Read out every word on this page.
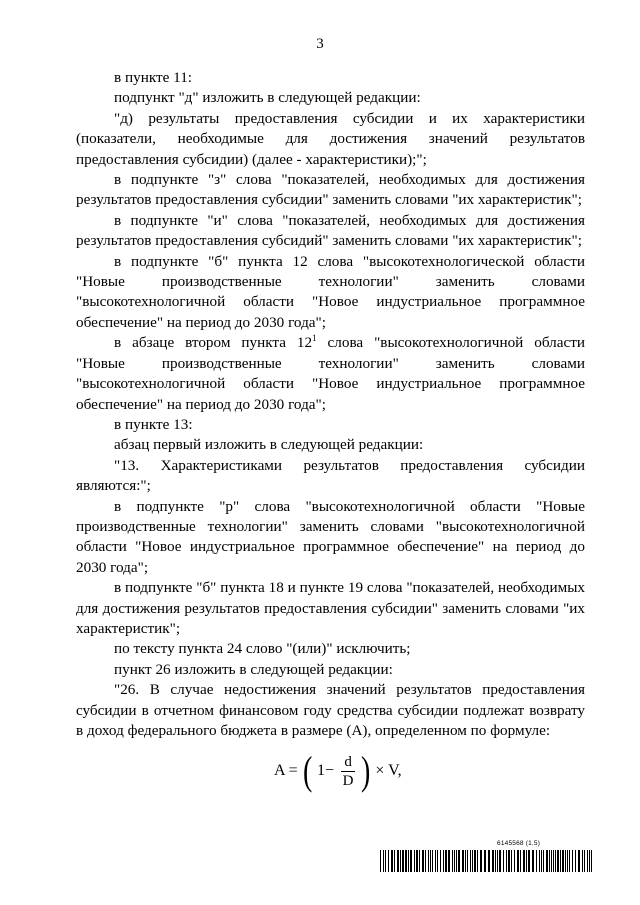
3

в пункте 11:

подпункт "д" изложить в следующей редакции:

"д) результаты предоставления субсидии и их характеристики (показатели, необходимые для достижения значений результатов предоставления субсидии) (далее - характеристики);";

в подпункте "з" слова "показателей, необходимых для достижения результатов предоставления субсидии" заменить словами "их характеристик";

в подпункте "и" слова "показателей, необходимых для достижения результатов предоставления субсидий" заменить словами "их характеристик";

в подпункте "б" пункта 12 слова "высокотехнологической области "Новые производственные технологии" заменить словами "высокотехнологичной области "Новое индустриальное программное обеспечение" на период до 2030 года";

в абзаце втором пункта $12^1$ слова "высокотехнологичной области "Новые производственные технологии" заменить словами "высокотехнологичной области "Новое индустриальное программное обеспечение" на период до 2030 года";

в пункте 13:

абзац первый изложить в следующей редакции:

"13. Характеристиками результатов предоставления субсидии являются:";

в подпункте "р" слова "высокотехнологичной области "Новые производственные технологии" заменить словами "высокотехнологичной области "Новое индустриальное программное обеспечение" на период до 2030 года";

в подпункте "б" пункта 18 и пункте 19 слова "показателей, необходимых для достижения результатов предоставления субсидии" заменить словами "их характеристик";

по тексту пункта 24 слово "(или)" исключить;

пункт 26 изложить в следующей редакции:

"26. В случае недостижения значений результатов предоставления субсидии в отчетном финансовом году средства субсидии подлежат возврату в доход федерального бюджета в размере (A), определенном по формуле:

A = ( $1- \frac{d}{D}$ ) × V,
6145568 (1.5)
